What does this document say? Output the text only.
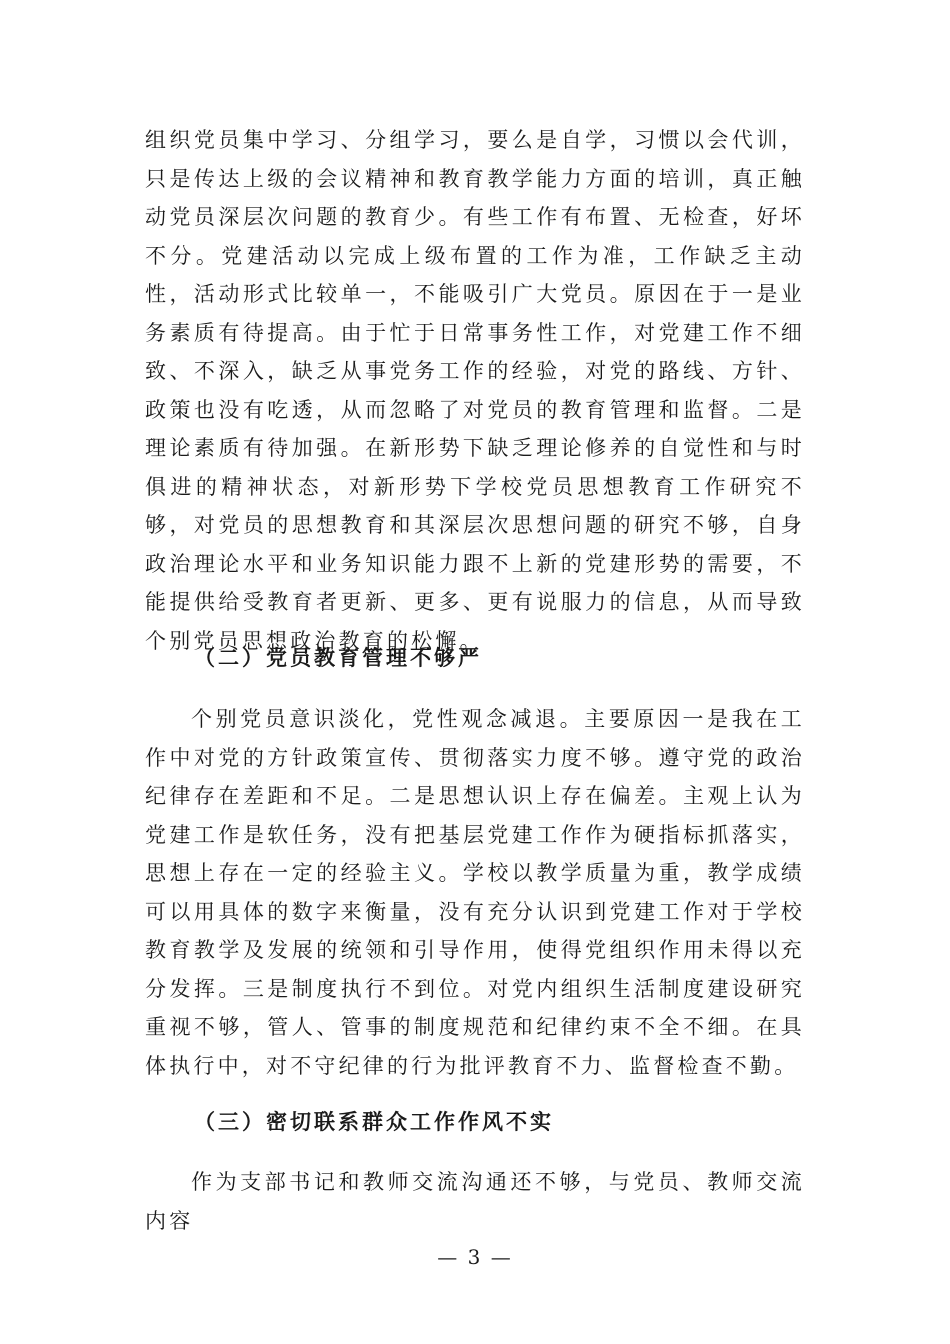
组织党员集中学习、分组学习，要么是自学，习惯以会代训，只是传达上级的会议精神和教育教学能力方面的培训，真正触动党员深层次问题的教育少。有些工作有布置、无检查，好坏不分。党建活动以完成上级布置的工作为准，工作缺乏主动性，活动形式比较单一，不能吸引广大党员。原因在于一是业务素质有待提高。由于忙于日常事务性工作，对党建工作不细致、不深入，缺乏从事党务工作的经验，对党的路线、方针、政策也没有吃透，从而忽略了对党员的教育管理和监督。二是理论素质有待加强。在新形势下缺乏理论修养的自觉性和与时俱进的精神状态，对新形势下学校党员思想教育工作研究不够，对党员的思想教育和其深层次思想问题的研究不够，自身政治理论水平和业务知识能力跟不上新的党建形势的需要，不能提供给受教育者更新、更多、更有说服力的信息，从而导致个别党员思想政治教育的松懈。

（二）党员教育管理不够严

个别党员意识淡化，党性观念减退。主要原因一是我在工作中对党的方针政策宣传、贯彻落实力度不够。遵守党的政治纪律存在差距和不足。二是思想认识上存在偏差。主观上认为党建工作是软任务，没有把基层党建工作作为硬指标抓落实，思想上存在一定的经验主义。学校以教学质量为重，教学成绩可以用具体的数字来衡量，没有充分认识到党建工作对于学校教育教学及发展的统领和引导作用，使得党组织作用未得以充分发挥。三是制度执行不到位。对党内组织生活制度建设研究重视不够，管人、管事的制度规范和纪律约束不全不细。在具体执行中，对不守纪律的行为批评教育不力、监督检查不勤。

（三）密切联系群众工作作风不实

作为支部书记和教师交流沟通还不够，与党员、教师交流内容

— 3 —
